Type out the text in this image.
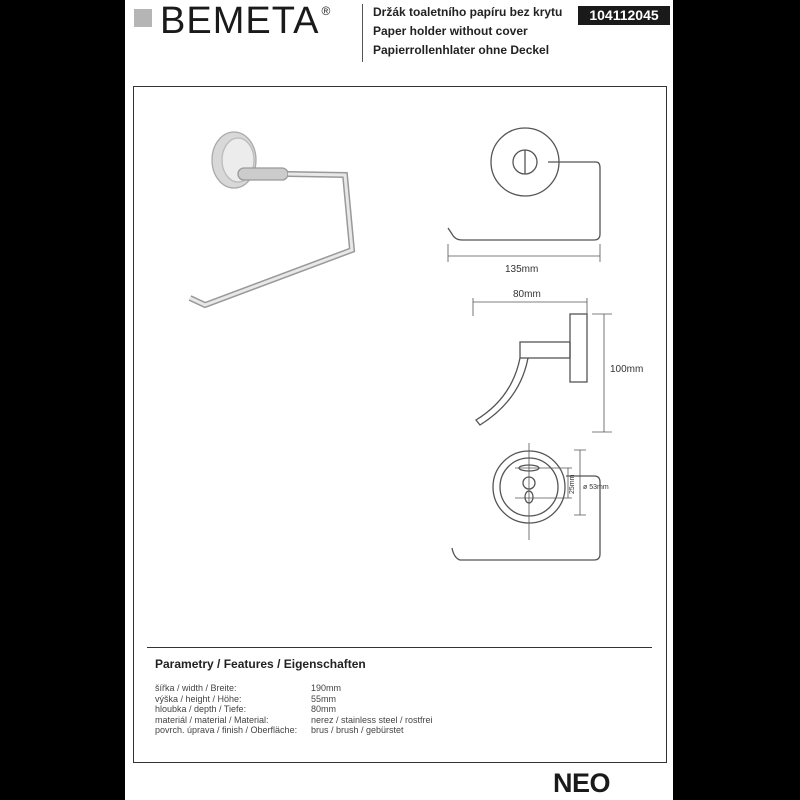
BEMETA ®	Držák toaletního papíru bez krytu
Paper holder without cover
Papierrollenhlater ohne Deckel
104112045
135mm
80mm
100mm
ø 53mm
25mm
Parametry / Features / Eigenschaften
šířka / width / Breite:	190mm
výška / height / Höhe:	55mm
hloubka / depth / Tiefe:	80mm
materiál / material / Material:	nerez / stainless steel / rostfrei
povrch. úprava / finish / Oberfläche:	brus / brush / gebürstet
NEO
